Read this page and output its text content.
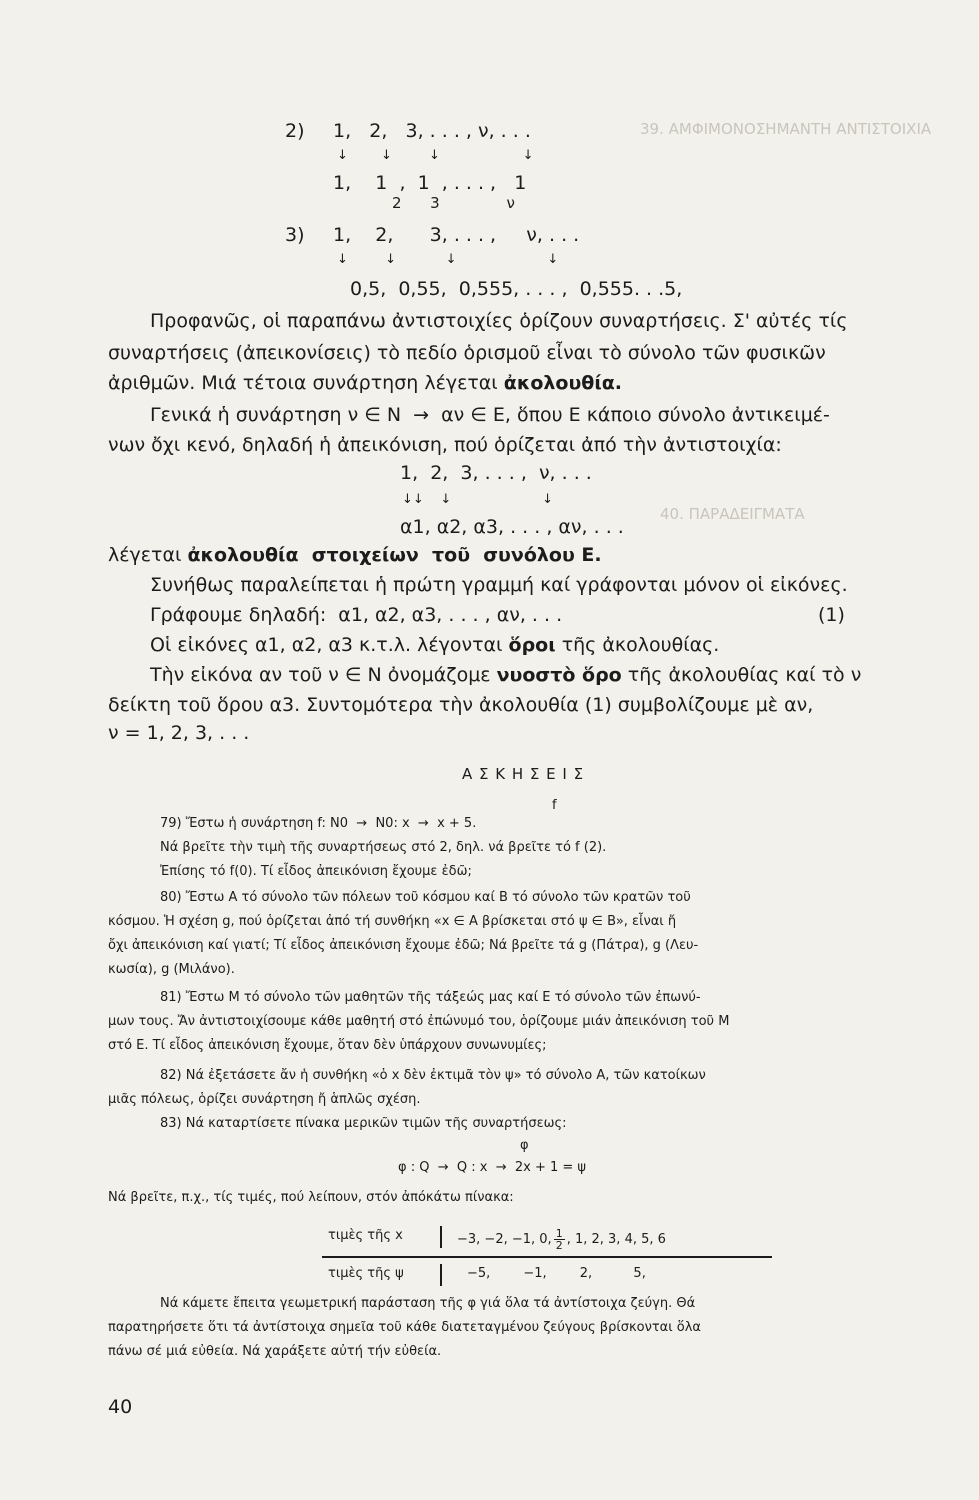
39. ΑΜΦΙΜΟΝΟΣΗΜΑΝΤΗ ΑΝΤΙΣΤΟΙΧΙΑ
40. ΠΑΡΑΔΕΙΓΜΑΤΑ
2) 1,   2,   3, . . . , ν, . . .
↓        ↓         ↓                    ↓
1,    1  ,  1  , . . . ,   1
2      3              ν
3) 1,    2,      3, . . . ,     ν, . . .
↓         ↓            ↓                      ↓
0,5,  0,55,  0,555, . . . ,  0,555. . .5,
Προφανῶς, οἱ παραπάνω ἀντιστοιχίες ὁρίζουν συναρτήσεις. Σ' αὐτές τίς
συναρτήσεις (ἀπεικονίσεις) τὸ πεδίο ὁρισμοῦ εἶναι τὸ σύνολο τῶν φυσικῶν
ἀριθμῶν. Μιά τέτοια συνάρτηση λέγεται ἀκολουθία.
Γενικά ἡ συνάρτηση ν ∈ N  →  αν ∈ E, ὅπου E κάποιο σύνολο ἀντικειμέ-
νων ὄχι κενό, δηλαδή ἡ ἀπεικόνιση, πού ὁρίζεται ἀπό τὴν ἀντιστοιχία:
1,  2,  3, . . . ,  ν, . . .
↓↓    ↓                      ↓
α1, α2, α3, . . . , αν, . . .
λέγεται ἀκολουθία  στοιχείων  τοῦ  συνόλου E.
Συνήθως παραλείπεται ἡ πρώτη γραμμή καί γράφονται μόνον οἱ εἰκόνες.
Γράφουμε δηλαδή:  α1, α2, α3, . . . , αν, . . .	(1)
Οἱ εἰκόνες α1, α2, α3 κ.τ.λ. λέγονται ὅροι τῆς ἀκολουθίας.
Τὴν εἰκόνα αν τοῦ ν ∈ N ὀνομάζομε νυοστὸ ὅρο τῆς ἀκολουθίας καί τὸ ν
δείκτη τοῦ ὅρου α3. Συντομότερα τὴν ἀκολουθία (1) συμβολίζουμε μὲ αν,
ν = 1, 2, 3, . . .
Α Σ Κ Η Σ Ε Ι Σ
f
79) Ἔστω ἡ συνάρτηση f: N0  →  N0: x  →  x + 5.
Νά βρεῖτε τὴν τιμὴ τῆς συναρτήσεως στό 2, δηλ. νά βρεῖτε τό f (2).
Ἐπίσης τό f(0). Τί εἶδος ἀπεικόνιση ἔχουμε ἐδῶ;
80) Ἔστω A τό σύνολο τῶν πόλεων τοῦ κόσμου καί B τό σύνολο τῶν κρατῶν τοῦ
κόσμου. Ἡ σχέση g, πού ὁρίζεται ἀπό τή συνθήκη «x ∈ A βρίσκεται στό ψ ∈ B», εἶναι ἤ
ὄχι ἀπεικόνιση καί γιατί; Τί εἶδος ἀπεικόνιση ἔχουμε ἐδῶ; Νά βρεῖτε τά g (Πάτρα), g (Λευ-
κωσία), g (Μιλάνο).
81) Ἔστω M τό σύνολο τῶν μαθητῶν τῆς τάξεώς μας καί E τό σύνολο τῶν ἐπωνύ-
μων τους. Ἄν ἀντιστοιχίσουμε κάθε μαθητή στό ἐπώνυμό του, ὁρίζουμε μιάν ἀπεικόνιση τοῦ M
στό E. Τί εἶδος ἀπεικόνιση ἔχουμε, ὅταν δὲν ὑπάρχουν συνωνυμίες;
82) Νά ἐξετάσετε ἄν ἡ συνθήκη «ὁ x δὲν ἐκτιμᾶ τὸν ψ» τό σύνολο A, τῶν κατοίκων
μιᾶς πόλεως, ὁρίζει συνάρτηση ἤ ἁπλῶς σχέση.
83) Νά καταρτίσετε πίνακα μερικῶν τιμῶν τῆς συναρτήσεως:
φ
φ : Q  →  Q : x  →  2x + 1 = ψ
Νά βρεῖτε, π.χ., τίς τιμές, πού λείπουν, στόν ἀπόκάτω πίνακα:
τιμὲς τῆς x	−3, −2, −1, 0, $\frac{1}{2}$ , 1, 2, 3, 4, 5, 6
τιμὲς τῆς ψ	−5,        −1,        2,          5,
Νά κάμετε ἔπειτα γεωμετρική παράσταση τῆς φ γιά ὅλα τά ἀντίστοιχα ζεύγη. Θά
παρατηρήσετε ὅτι τά ἀντίστοιχα σημεῖα τοῦ κάθε διατεταγμένου ζεύγους βρίσκονται ὅλα
πάνω σέ μιά εὐθεία. Νά χαράξετε αὐτή τήν εὐθεία.
40
